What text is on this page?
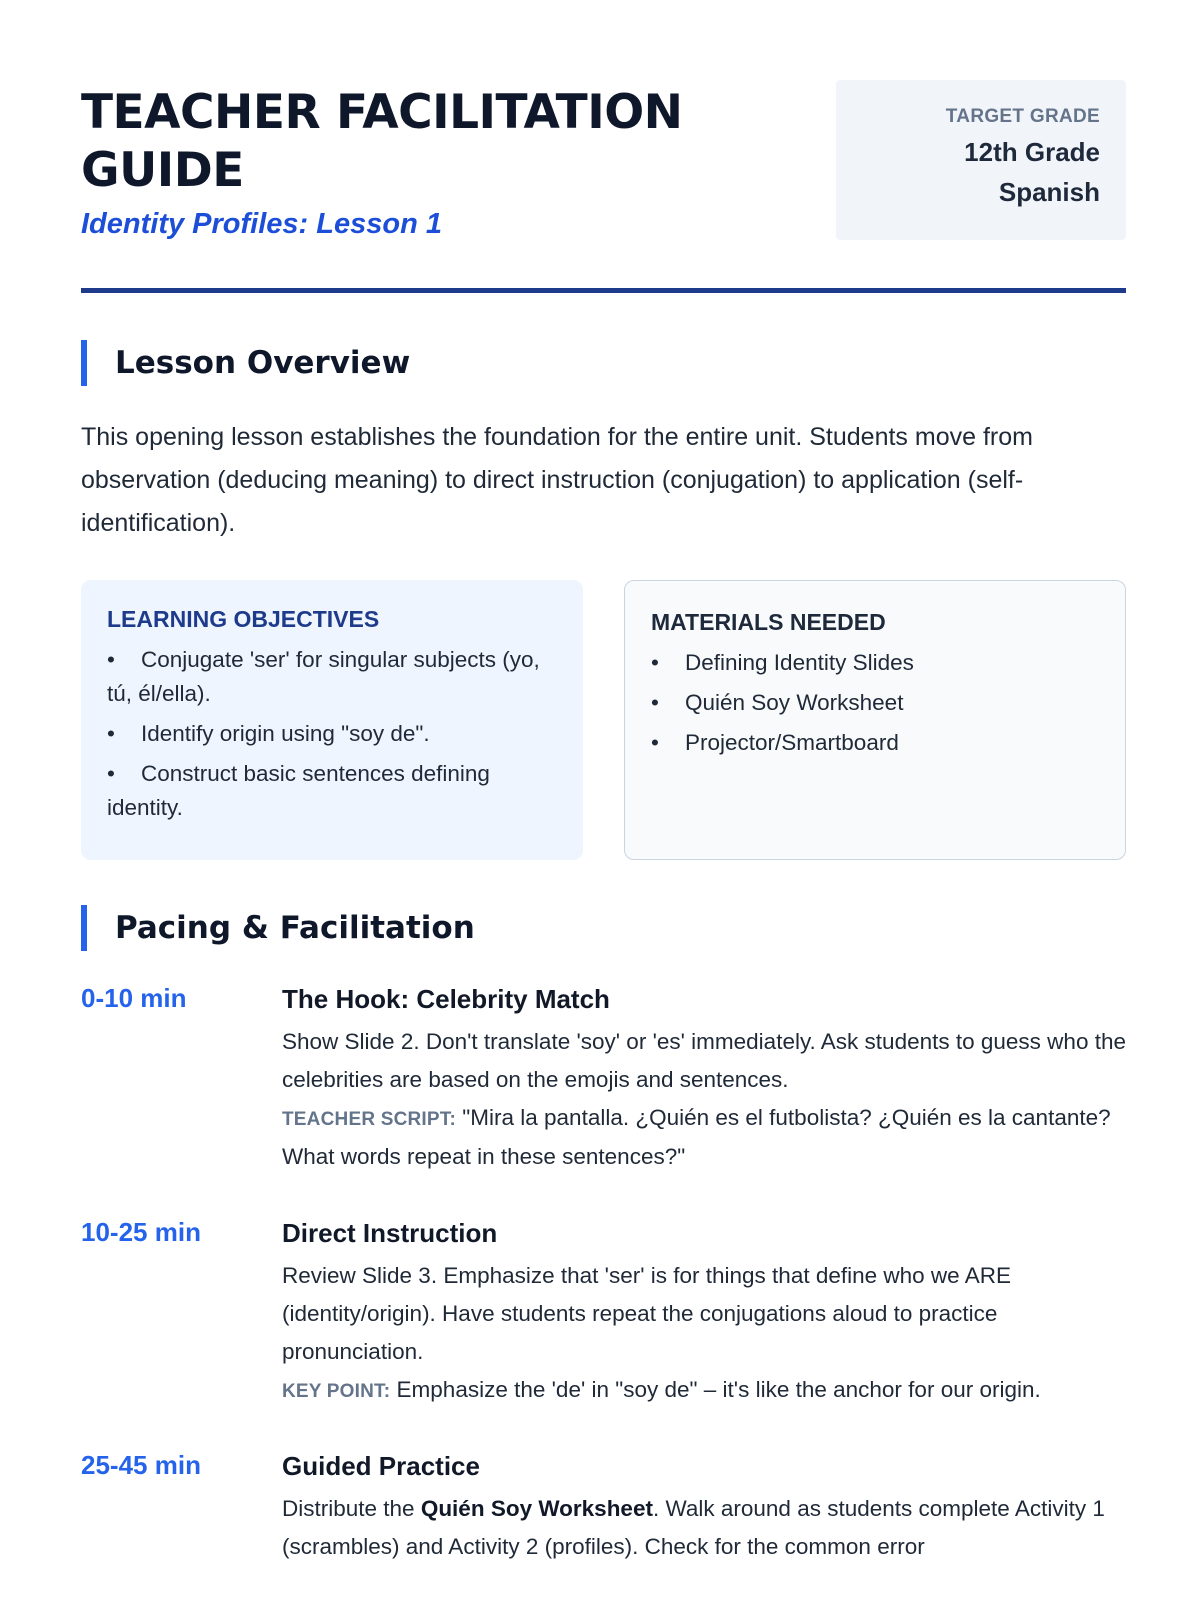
TEACHER FACILITATION GUIDE
Identity Profiles: Lesson 1
TARGET GRADE
12th Grade
Spanish
Lesson Overview

This opening lesson establishes the foundation for the entire unit. Students move from observation (deducing meaning) to direct instruction (conjugation) to application (self-identification).

LEARNING OBJECTIVES
• Conjugate 'ser' for singular subjects (yo, tú, él/ella).
• Identify origin using "soy de".
• Construct basic sentences defining identity.
MATERIALS NEEDED
• Defining Identity Slides
• Quién Soy Worksheet
• Projector/Smartboard
Pacing & Facilitation
0-10 min	The Hook: Celebrity Match
Show Slide 2. Don't translate 'soy' or 'es' immediately. Ask students to guess who the celebrities are based on the emojis and sentences.
TEACHER SCRIPT: "Mira la pantalla. ¿Quién es el futbolista? ¿Quién es la cantante? What words repeat in these sentences?"
10-25 min	Direct Instruction
Review Slide 3. Emphasize that 'ser' is for things that define who we ARE (identity/origin). Have students repeat the conjugations aloud to practice pronunciation.
KEY POINT: Emphasize the 'de' in "soy de" – it's like the anchor for our origin.
25-45 min	Guided Practice
Distribute the Quién Soy Worksheet. Walk around as students complete Activity 1 (scrambles) and Activity 2 (profiles). Check for the common error
